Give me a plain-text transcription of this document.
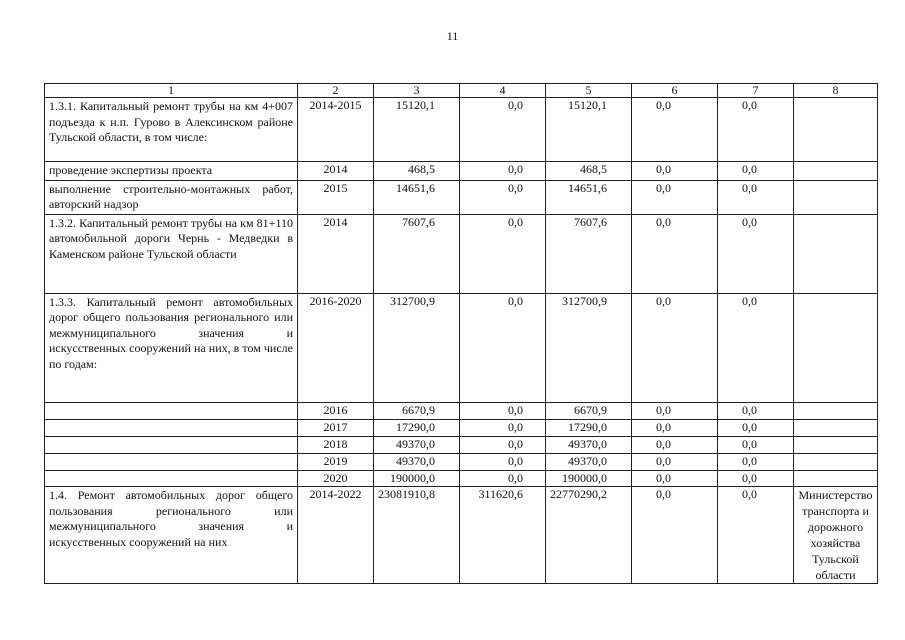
11
1	2	3	4	5	6	7	8
1.3.1. Капитальный ремонт трубы на км 4+007 подъезда к н.п. Гурово в Алексинском районе Тульской области, в том числе:	2014-2015	15120,1	0,0	15120,1	0,0	0,0	
проведение экспертизы проекта	2014	468,5	0,0	468,5	0,0	0,0	
выполнение строительно-монтажных работ, авторский надзор	2015	14651,6	0,0	14651,6	0,0	0,0	
1.3.2. Капитальный ремонт трубы на км 81+110 автомобильной дороги Чернь - Медведки в Каменском районе Тульской области	2014	7607,6	0,0	7607,6	0,0	0,0	
1.3.3. Капитальный ремонт автомобильных дорог общего пользования регионального или межмуниципального значения и искусственных сооружений на них, в том числе по годам:	2016-2020	312700,9	0,0	312700,9	0,0	0,0	
	2016	6670,9	0,0	6670,9	0,0	0,0	
	2017	17290,0	0,0	17290,0	0,0	0,0	
	2018	49370,0	0,0	49370,0	0,0	0,0	
	2019	49370,0	0,0	49370,0	0,0	0,0	
	2020	190000,0	0,0	190000,0	0,0	0,0	
1.4. Ремонт автомобильных дорог общего пользования регионального или межмуниципального значения и искусственных сооружений на них	2014-2022	23081910,8	311620,6	22770290,2	0,0	0,0	Министерство транспорта и дорожного хозяйства Тульской области
